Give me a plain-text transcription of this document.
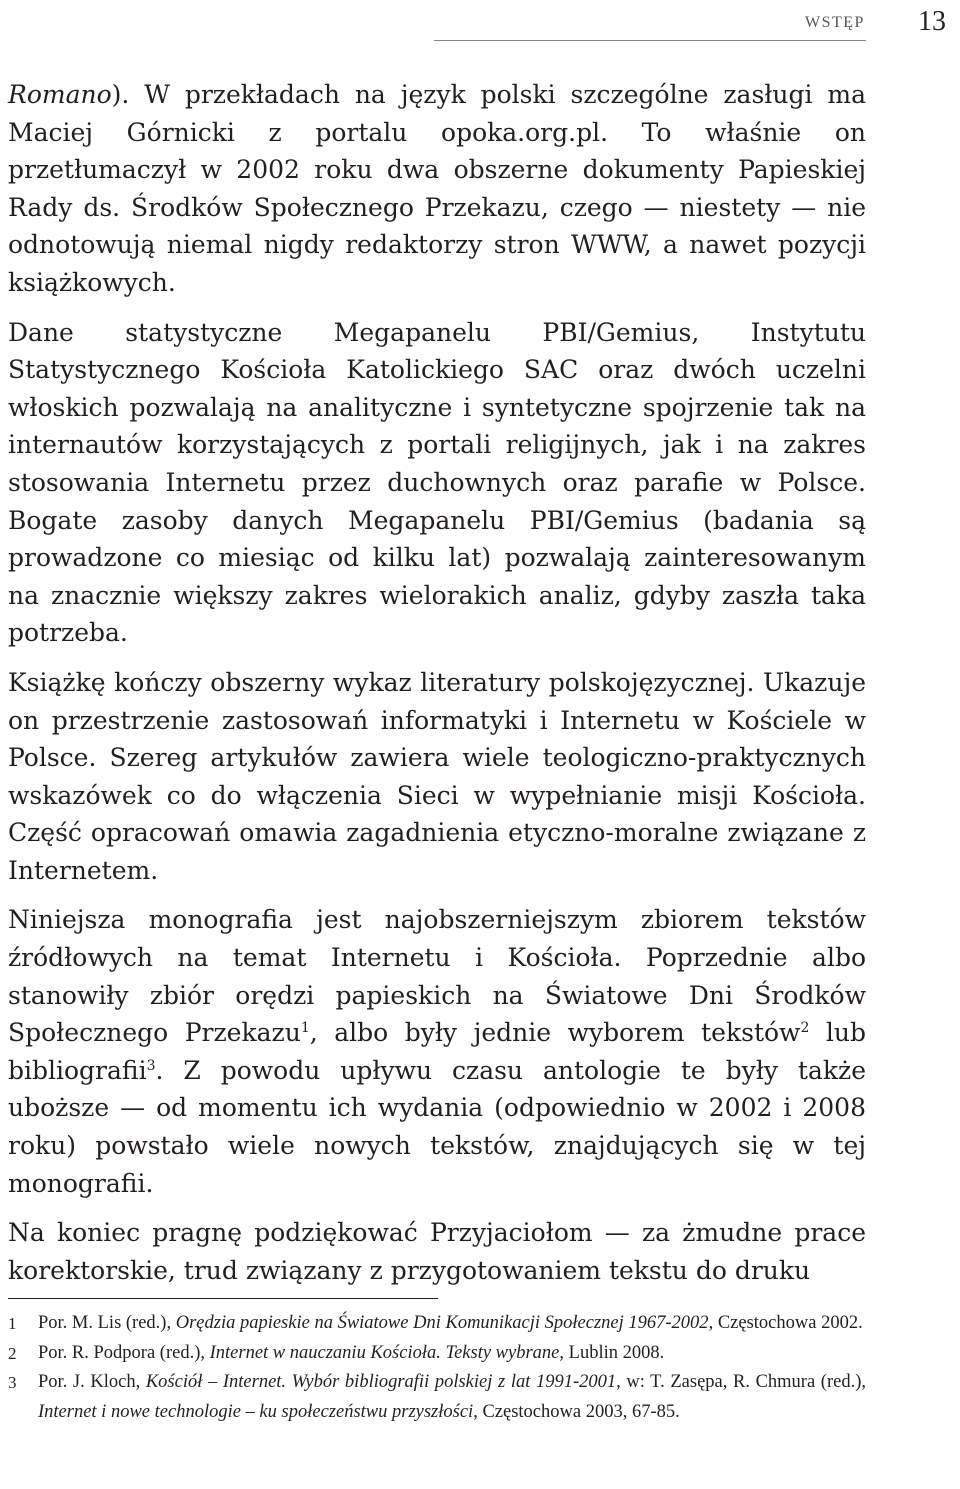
WSTĘP 13

Romano). W przekładach na język polski szczególne zasługi ma Maciej Górnicki z portalu opoka.org.pl. To właśnie on przetłumaczył w 2002 roku dwa obszerne dokumenty Papieskiej Rady ds. Środków Społecznego Przekazu, czego — niestety — nie odnotowują niemal nigdy redaktorzy stron WWW, a nawet pozycji książkowych.

Dane statystyczne Megapanelu PBI/Gemius, Instytutu Statystycznego Kościoła Katolickiego SAC oraz dwóch uczelni włoskich pozwalają na analityczne i syntetyczne spojrzenie tak na internautów korzystających z portali religijnych, jak i na zakres stosowania Internetu przez duchownych oraz parafie w Polsce. Bogate zasoby danych Megapanelu PBI/Gemius (badania są prowadzone co miesiąc od kilku lat) pozwalają zainteresowanym na znacznie większy zakres wielorakich analiz, gdyby zaszła taka potrzeba.

Książkę kończy obszerny wykaz literatury polskojęzycznej. Ukazuje on przestrzenie zastosowań informatyki i Internetu w Kościele w Polsce. Szereg artykułów zawiera wiele teologiczno-praktycznych wskazówek co do włączenia Sieci w wypełnianie misji Kościoła. Część opracowań omawia zagadnienia etyczno-moralne związane z Internetem.

Niniejsza monografia jest najobszerniejszym zbiorem tekstów źródłowych na temat Internetu i Kościoła. Poprzednie albo stanowiły zbiór orędzi papieskich na Światowe Dni Środków Społecznego Przekazu$^1$, albo były jednie wyborem tekstów$^2$ lub bibliografii$^3$. Z powodu upływu czasu antologie te były także uboższe — od momentu ich wydania (odpowiednio w 2002 i 2008 roku) powstało wiele nowych tekstów, znajdujących się w tej monografii.

Na koniec pragnę podziękować Przyjaciołom — za żmudne prace korektorskie, trud związany z przygotowaniem tekstu do druku

1	Por. M. Lis (red.), Orędzia papieskie na Światowe Dni Komunikacji Społecznej 1967-2002, Częstochowa 2002.
2	Por. R. Podpora (red.), Internet w nauczaniu Kościoła. Teksty wybrane, Lublin 2008.
3	Por. J. Kloch, Kościół – Internet. Wybór bibliografii polskiej z lat 1991-2001, w: T. Zasępa, R. Chmura (red.), Internet i nowe technologie – ku społeczeństwu przyszłości, Częstochowa 2003, 67-85.
